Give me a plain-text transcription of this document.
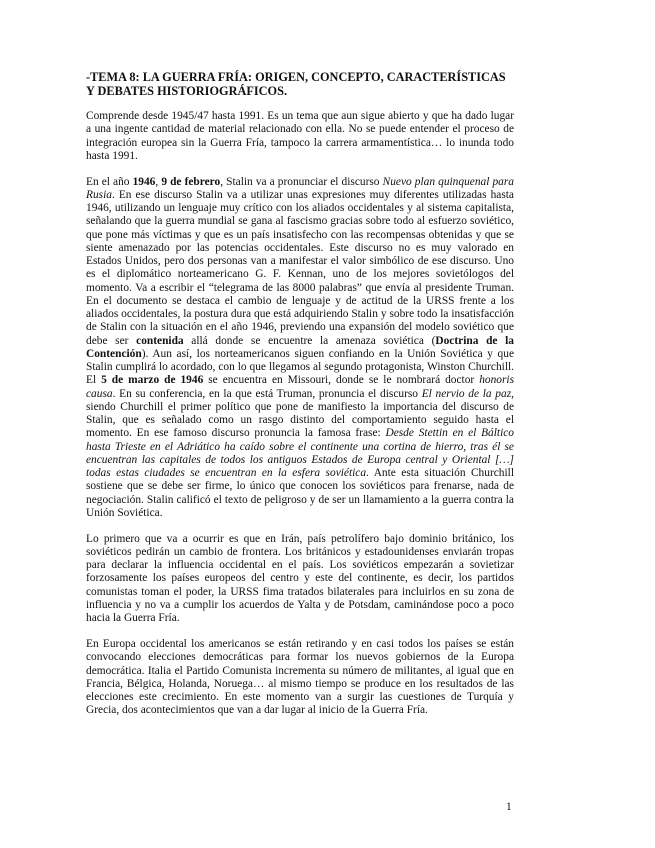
-TEMA 8: LA GUERRA FRÍA: ORIGEN, CONCEPTO, CARACTERÍSTICAS Y DEBATES HISTORIOGRÁFICOS.

Comprende desde 1945/47 hasta 1991. Es un tema que aun sigue abierto y que ha dado lugar a una ingente cantidad de material relacionado con ella. No se puede entender el proceso de integración europea sin la Guerra Fría, tampoco la carrera armamentística… lo inunda todo hasta 1991.

En el año 1946, 9 de febrero, Stalin va a pronunciar el discurso Nuevo plan quinquenal para Rusia. En ese discurso Stalin va a utilizar unas expresiones muy diferentes utilizadas hasta 1946, utilizando un lenguaje muy crítico con los aliados occidentales y al sistema capitalista, señalando que la guerra mundial se gana al fascismo gracias sobre todo al esfuerzo soviético, que pone más víctimas y que es un país insatisfecho con las recompensas obtenidas y que se siente amenazado por las potencias occidentales. Este discurso no es muy valorado en Estados Unidos, pero dos personas van a manifestar el valor simbólico de ese discurso. Uno es el diplomático norteamericano G. F. Kennan, uno de los mejores sovietólogos del momento. Va a escribir el “telegrama de las 8000 palabras” que envía al presidente Truman. En el documento se destaca el cambio de lenguaje y de actitud de la URSS frente a los aliados occidentales, la postura dura que está adquiriendo Stalin y sobre todo la insatisfacción de Stalin con la situación en el año 1946, previendo una expansión del modelo soviético que debe ser contenida allá donde se encuentre la amenaza soviética (Doctrina de la Contención). Aun así, los norteamericanos siguen confiando en la Unión Soviética y que Stalin cumplirá lo acordado, con lo que llegamos al segundo protagonista, Winston Churchill. El 5 de marzo de 1946 se encuentra en Missouri, donde se le nombrará doctor honoris causa. En su conferencia, en la que está Truman, pronuncia el discurso El nervio de la paz, siendo Churchill el primer político que pone de manifiesto la importancia del discurso de Stalin, que es señalado como un rasgo distinto del comportamiento seguido hasta el momento. En ese famoso discurso pronuncia la famosa frase: Desde Stettin en el Báltico hasta Trieste en el Adriático ha caído sobre el continente una cortina de hierro, tras él se encuentran las capitales de todos los antiguos Estados de Europa central y Oriental […] todas estas ciudades se encuentran en la esfera soviética. Ante esta situación Churchill sostiene que se debe ser firme, lo único que conocen los soviéticos para frenarse, nada de negociación. Stalin calificó el texto de peligroso y de ser un llamamiento a la guerra contra la Unión Soviética.

Lo primero que va a ocurrir es que en Irán, país petrolífero bajo dominio británico, los soviéticos pedirán un cambio de frontera. Los británicos y estadounidenses enviarán tropas para declarar la influencia occidental en el país. Los soviéticos empezarán a sovietizar forzosamente los países europeos del centro y este del continente, es decir, los partidos comunistas toman el poder, la URSS fima tratados bilaterales para incluirlos en su zona de influencia y no va a cumplir los acuerdos de Yalta y de Potsdam, caminándose poco a poco hacia la Guerra Fría.

En Europa occidental los americanos se están retirando y en casi todos los países se están convocando elecciones democráticas para formar los nuevos gobiernos de la Europa democrática. Italia el Partido Comunista incrementa su número de militantes, al igual que en Francia, Bélgica, Holanda, Noruega… al mismo tiempo se produce en los resultados de las elecciones este crecimiento. En este momento van a surgir las cuestiones de Turquía y Grecia, dos acontecimientos que van a dar lugar al inicio de la Guerra Fría.

1
